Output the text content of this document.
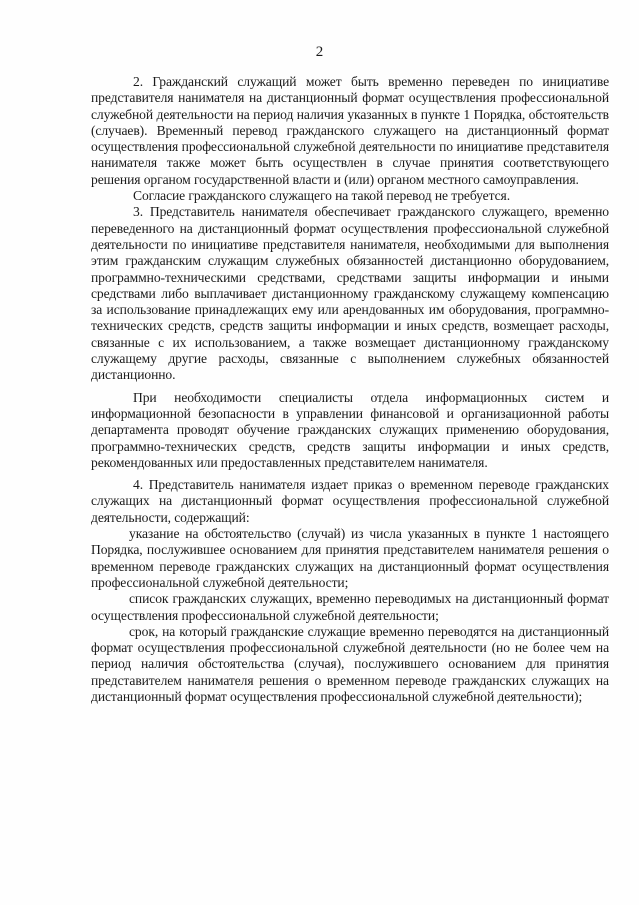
2

2. Гражданский служащий может быть временно переведен по инициативе представителя нанимателя на дистанционный формат осуществления профессиональной служебной деятельности на период наличия указанных в пункте 1 Порядка, обстоятельств (случаев). Временный перевод гражданского служащего на дистанционный формат осуществления профессиональной служебной деятельности по инициативе представителя нанимателя также может быть осуществлен в случае принятия соответствующего решения органом государственной власти и (или) органом местного самоуправления.

Согласие гражданского служащего на такой перевод не требуется.

3. Представитель нанимателя обеспечивает гражданского служащего, временно переведенного на дистанционный формат осуществления профессиональной служебной деятельности по инициативе представителя нанимателя, необходимыми для выполнения этим гражданским служащим служебных обязанностей дистанционно оборудованием, программно-техническими средствами, средствами защиты информации и иными средствами либо выплачивает дистанционному гражданскому служащему компенсацию за использование принадлежащих ему или арендованных им оборудования, программно-технических средств, средств защиты информации и иных средств, возмещает расходы, связанные с их использованием, а также возмещает дистанционному гражданскому служащему другие расходы, связанные с выполнением служебных обязанностей дистанционно.

При необходимости специалисты отдела информационных систем и информационной безопасности в управлении финансовой и организационной работы департамента проводят обучение гражданских служащих применению оборудования, программно-технических средств, средств защиты информации и иных средств, рекомендованных или предоставленных представителем нанимателя.

4. Представитель нанимателя издает приказ о временном переводе гражданских служащих на дистанционный формат осуществления профессиональной служебной деятельности, содержащий:

указание на обстоятельство (случай) из числа указанных в пункте 1 настоящего Порядка, послужившее основанием для принятия представителем нанимателя решения о временном переводе гражданских служащих на дистанционный формат осуществления профессиональной служебной деятельности;

список гражданских служащих, временно переводимых на дистанционный формат осуществления профессиональной служебной деятельности;

срок, на который гражданские служащие временно переводятся на дистанционный формат осуществления профессиональной служебной деятельности (но не более чем на период наличия обстоятельства (случая), послужившего основанием для принятия представителем нанимателя решения о временном переводе гражданских служащих на дистанционный формат осуществления профессиональной служебной деятельности);
